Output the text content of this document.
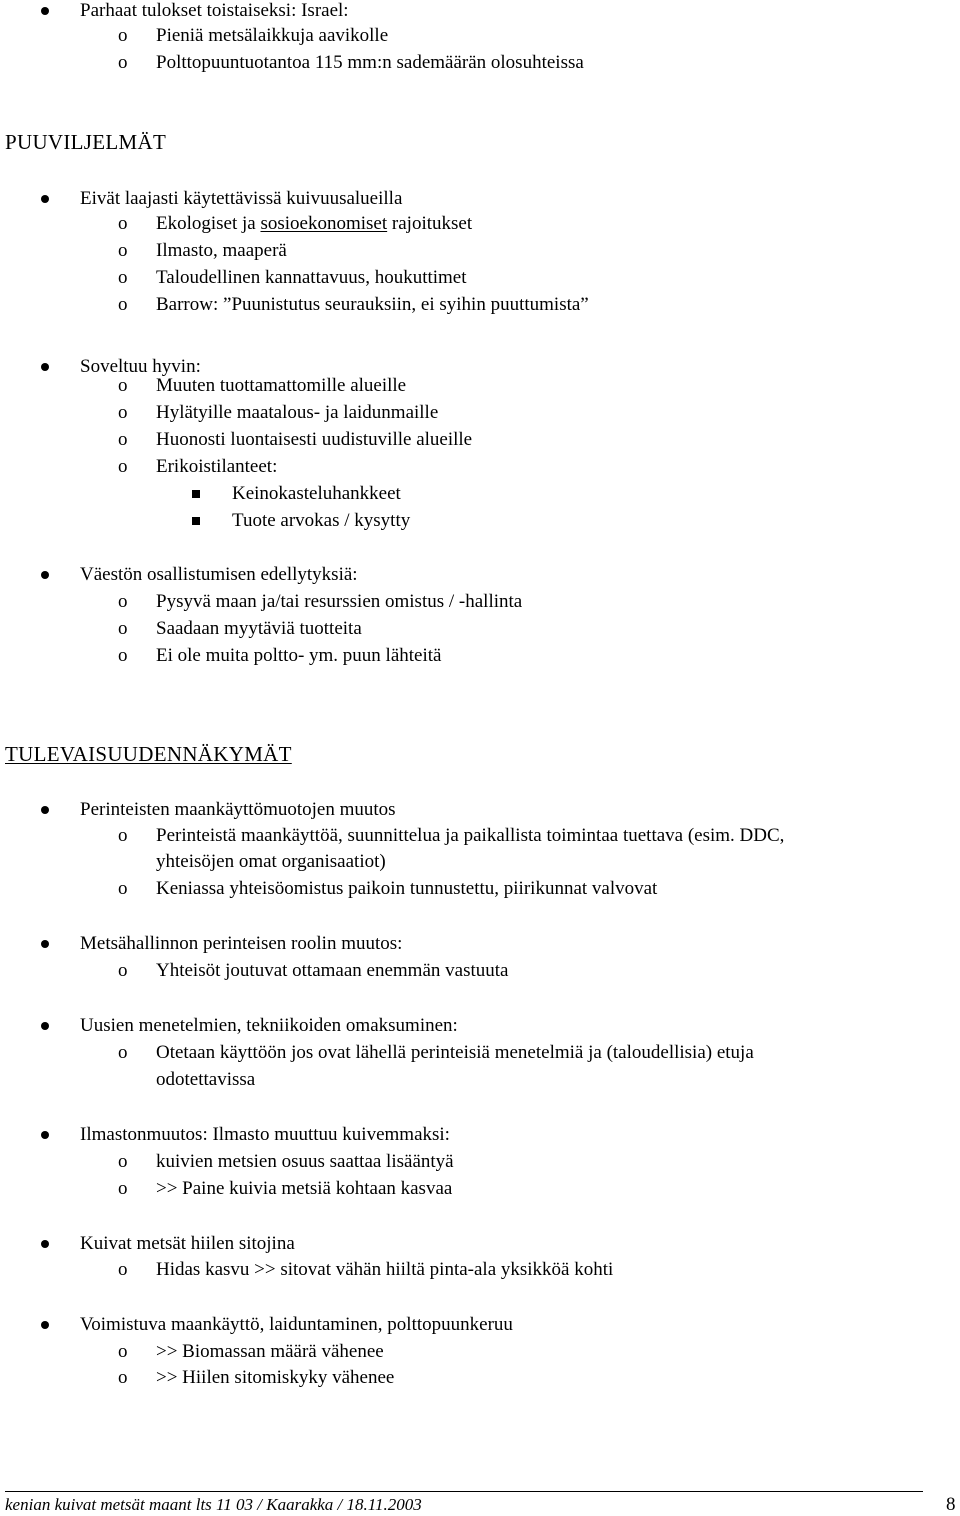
Parhaat tulokset toistaiseksi: Israel:
o Pieniä metsälaikkuja aavikolle
o Polttopuuntuotantoa 115 mm:n sademäärän olosuhteissa
PUUVILJELMÄT
Eivät laajasti käytettävissä kuivuusalueilla
o Ekologiset ja sosioekonomiset rajoitukset
o Ilmasto, maaperä
o Taloudellinen kannattavuus, houkuttimet
o Barrow: ”Puunistutus seurauksiin, ei syihin puuttumista”
Soveltuu hyvin:
o Muuten tuottamattomille alueille
o Hylätyille maatalous- ja laidunmaille
o Huonosti luontaisesti uudistuville alueille
o Erikoistilanteet:
Keinokasteluhankkeet
Tuote arvokas / kysytty
Väestön osallistumisen edellytyksiä:
o Pysyvä maan ja/tai resurssien omistus / -hallinta
o Saadaan myytäviä tuotteita
o Ei ole muita poltto- ym. puun lähteitä
TULEVAISUUDENNÄKYMÄT
Perinteisten maankäyttömuotojen muutos
o Perinteistä maankäyttöä, suunnittelua ja paikallista toimintaa tuettava (esim. DDC,
yhteisöjen omat organisaatiot)
o Keniassa yhteisöomistus paikoin tunnustettu, piirikunnat valvovat
Metsähallinnon perinteisen roolin muutos:
o Yhteisöt joutuvat ottamaan enemmän vastuuta
Uusien menetelmien, tekniikoiden omaksuminen:
o Otetaan käyttöön jos ovat lähellä perinteisiä menetelmiä ja (taloudellisia) etuja
odotettavissa
Ilmastonmuutos: Ilmasto muuttuu kuivemmaksi:
o kuivien metsien osuus saattaa lisääntyä
o >> Paine kuivia metsiä kohtaan kasvaa
Kuivat metsät hiilen sitojina
o Hidas kasvu >> sitovat vähän hiiltä pinta-ala yksikköä kohti
Voimistuva maankäyttö, laiduntaminen, polttopuunkeruu
o >> Biomassan määrä vähenee
o >> Hiilen sitomiskyky vähenee
kenian kuivat metsät maant lts 11 03 / Kaarakka / 18.11.2003	8
